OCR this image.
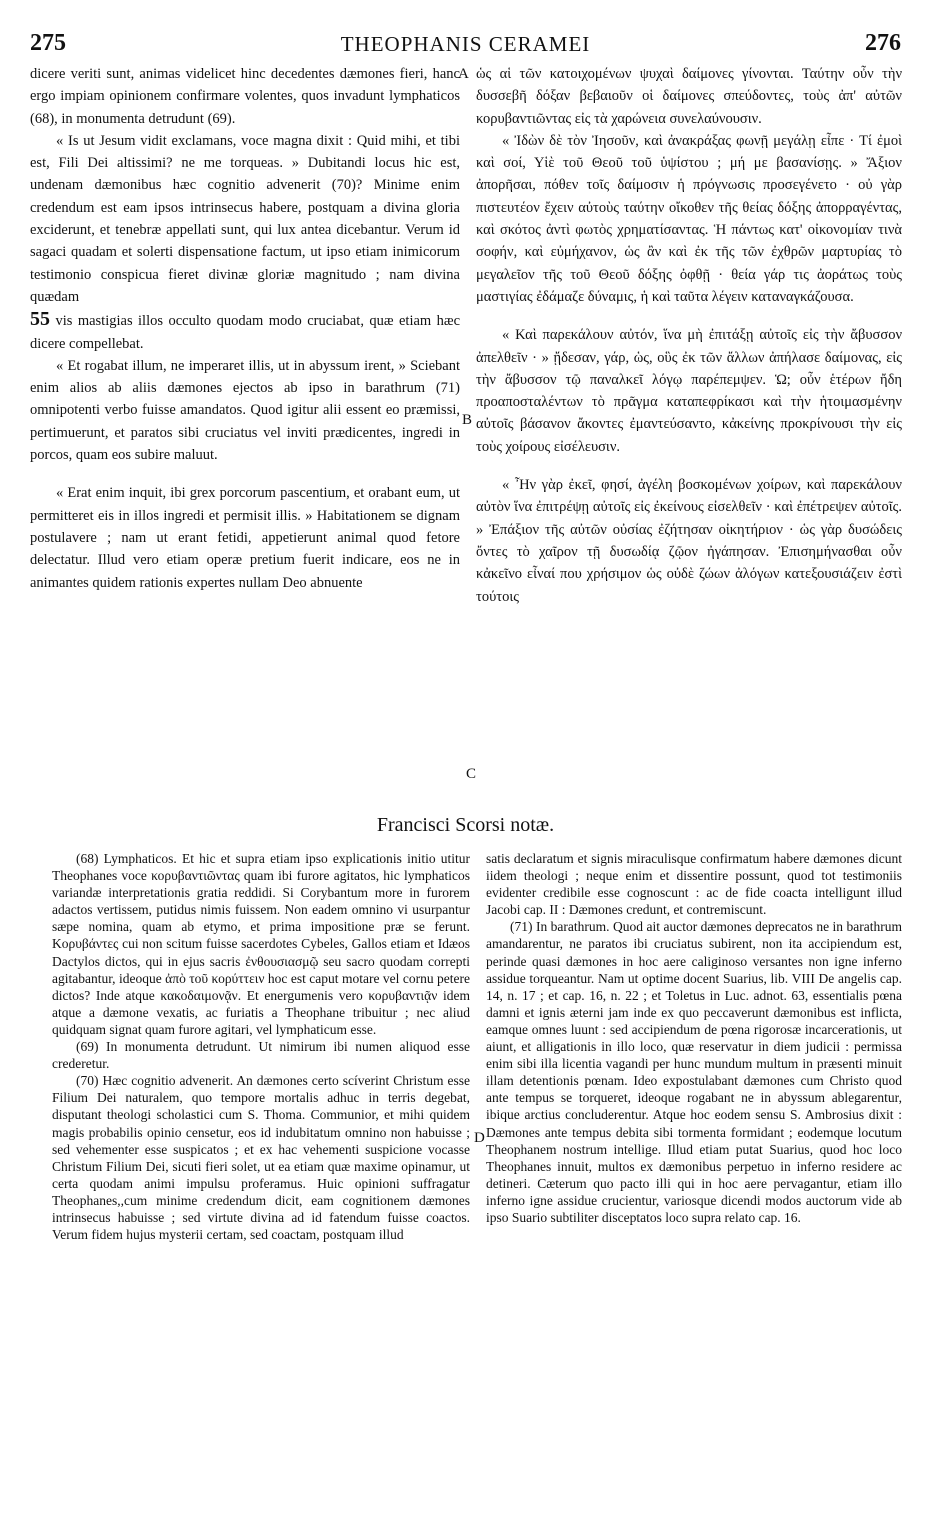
275	THEOPHANIS CERAMEI	276

dicere veriti sunt, animas videlicet hinc decedentes dæmones fieri, hanc ergo impiam opinionem confirmare volentes, quos invadunt lymphaticos (68), in monumenta detrudunt (69).

« Is ut Jesum vidit exclamans, voce magna dixit : Quid mihi, et tibi est, Fili Dei altissimi? ne me torqueas. » Dubitandi locus hic est, undenam dæmonibus hæc cognitio advenerit (70)? Minime enim credendum est eam ipsos intrinsecus habere, postquam a divina gloria exciderunt, et tenebræ appellati sunt, qui lux antea dicebantur. Verum id sagaci quadam et solerti dispensatione factum, ut ipso etiam inimicorum testimonio conspicua fieret divinæ gloriæ magnitudo ; nam divina quædam

55 vis mastigias illos occulto quodam modo cruciabat, quæ etiam hæc dicere compellebat.

« Et rogabat illum, ne imperaret illis, ut in abyssum irent, » Sciebant enim alios ab aliis dæmones ejectos ab ipso in barathrum (71) omnipotenti verbo fuisse amandatos. Quod igitur alii essent eo præmissi, pertimuerunt, et paratos sibi cruciatus vel inviti prædicentes, ingredi in porcos, quam eos subire maluut.

« Erat enim inquit, ibi grex porcorum pascentium, et orabant eum, ut permitteret eis in illos ingredi et permisit illis. » Habitationem se dignam postulavere ; nam ut erant fetidi, appetierunt animal quod fetore delectatur. Illud vero etiam operæ pretium fuerit indicare, eos ne in animantes quidem rationis expertes nullam Deo abnuente

ὡς αἱ τῶν κατοιχομένων ψυχαὶ δαίμονες γίνονται. Ταύτην οὖν τὴν δυσσεβῆ δόξαν βεβαιοῦν οἱ δαίμονες σπεύδοντες, τοὺς ἀπ' αὐτῶν κορυβαντιῶντας εἰς τὰ χαρώνεια συνελαύνουσιν.

« Ἰδὼν δὲ τὸν Ἰησοῦν, καὶ ἀνακράξας φωνῇ μεγάλῃ εἶπε · Τί ἐμοὶ καὶ σοί, Υἱὲ τοῦ Θεοῦ τοῦ ὑψίστου ; μή με βασανίσῃς. » Ἄξιον ἀπορῆσαι, πόθεν τοῖς δαίμοσιν ἡ πρόγνωσις προσεγένετο · οὐ γὰρ πιστευτέον ἔχειν αὐτοὺς ταύτην οἴκοθεν τῆς θείας δόξης ἀπορραγέντας, καὶ σκότος ἀντὶ φωτὸς χρηματίσαντας. Ἡ πάντως κατ' οἰκονομίαν τινὰ σοφήν, καὶ εὐμήχανον, ὡς ἂν καὶ ἐκ τῆς τῶν ἐχθρῶν μαρτυρίας τὸ μεγαλεῖον τῆς τοῦ Θεοῦ δόξης ὀφθῇ · θεία γάρ τις ἀοράτως τοὺς μαστιγίας ἐδάμαζε δύναμις, ἡ καὶ ταῦτα λέγειν καταναγκάζουσα.

« Καὶ παρεκάλουν αὐτόν, ἵνα μὴ ἐπιτάξῃ αὐτοῖς εἰς τὴν ἄβυσσον ἀπελθεῖν · » ᾔδεσαν, γάρ, ὡς, οὓς ἐκ τῶν ἄλλων ἀπήλασε δαίμονας, εἰς τὴν ἄβυσσον τῷ παναλκεῖ λόγῳ παρέπεμψεν. Ὡ; οὖν ἑτέρων ἤδη προαποσταλέντων τὸ πρᾶγμα καταπεφρίκασι καὶ τὴν ἡτοιμασμένην αὐτοῖς βάσανον ἄκοντες ἐμαντεύσαντο, κἀκείνης προκρίνουσι τὴν εἰς τοὺς χοίρους εἰσέλευσιν.

« Ἦν γὰρ ἐκεῖ, φησί, ἀγέλη βοσκομένων χοίρων, καὶ παρεκάλουν αὐτὸν ἵνα ἐπιτρέψῃ αὐτοῖς εἰς ἐκείνους εἰσελθεῖν · καὶ ἐπέτρεψεν αὐτοῖς. » Ἐπάξιον τῆς αὐτῶν οὐσίας ἐζήτησαν οἰκητήριον · ὡς γὰρ δυσώδεις ὄντες τὸ χαῖρον τῇ δυσωδίᾳ ζῷον ἠγάπησαν. Ἐπισημήνασθαι οὖν κἀκεῖνο εἶναί που χρήσιμον ὡς οὐδὲ ζώων ἀλόγων κατεξουσιάζειν ἐστὶ τούτοις

A
B
C
D
Francisci Scorsi notæ.

(68) Lymphaticos. Et hic et supra etiam ipso explicationis initio utitur Theophanes voce κορυβαντιῶντας quam ibi furore agitatos, hic lymphaticos variandæ interpretationis gratia reddidi. Si Corybantum more in furorem adactos vertissem, putidus nimis fuissem. Non eadem omnino vi usurpantur sæpe nomina, quam ab etymo, et prima impositione præ se ferunt. Κορυβάντες cui non scitum fuisse sacerdotes Cybeles, Gallos etiam et Idæos Dactylos dictos, qui in ejus sacris ἐνθουσιασμῷ seu sacro quodam correpti agitabantur, ideoque ἀπὸ τοῦ κορύττειν hoc est caput motare vel cornu petere dictos? Inde atque κακοδαιμονᾷν. Et energumenis vero κορυβαντιᾷν idem atque a dæmone vexatis, ac furiatis a Theophane tribuitur ; nec aliud quidquam signat quam furore agitari, vel lymphaticum esse.

(69) In monumenta detrudunt. Ut nimirum ibi numen aliquod esse crederetur.

(70) Hæc cognitio advenerit. An dæmones certo scíverint Christum esse Filium Dei naturalem, quo tempore mortalis adhuc in terris degebat, disputant theologi scholastici cum S. Thoma. Communior, et mihi quidem magis probabilis opinio censetur, eos id indubitatum omnino non habuisse ; sed vehementer esse suspicatos ; et ex hac vehementi suspicione vocasse Christum Filium Dei, sicuti fieri solet, ut ea etiam quæ maxime opinamur, ut certa quodam animi impulsu proferamus. Huic opinioni suffragatur Theophanes,,cum minime credendum dicit, eam cognitionem dæmones intrinsecus habuisse ; sed virtute divina ad id fatendum fuisse coactos. Verum fidem hujus mysterii certam, sed coactam, postquam illud

satis declaratum et signis miraculisque confirmatum habere dæmones dicunt iidem theologi ; neque enim et dissentire possunt, quod tot testimoniis evidenter credibile esse cognoscunt : ac de fide coacta intelligunt illud Jacobi cap. II : Dæmones credunt, et contremiscunt.

(71) In barathrum. Quod ait auctor dæmones deprecatos ne in barathrum amandarentur, ne paratos ibi cruciatus subirent, non ita accipiendum est, perinde quasi dæmones in hoc aere caliginoso versantes non igne inferno assidue torqueantur. Nam ut optime docent Suarius, lib. VIII De angelis cap. 14, n. 17 ; et cap. 16, n. 22 ; et Toletus in Luc. adnot. 63, essentialis pœna damni et ignis æterni jam inde ex quo peccaverunt dæmonibus est inflicta, eamque omnes luunt : sed accipiendum de pœna rigorosæ incarcerationis, ut aiunt, et alligationis in illo loco, quæ reservatur in diem judicii : permissa enim sibi illa licentia vagandi per hunc mundum multum in præsenti minuit illam detentionis pœnam. Ideo expostulabant dæmones cum Christo quod ante tempus se torqueret, ideoque rogabant ne in abyssum ablegarentur, ibique arctius concluderentur. Atque hoc eodem sensu S. Ambrosius dixit : Dæmones ante tempus debita sibi tormenta formidant ; eodemque locutum Theophanem nostrum intellige. Illud etiam putat Suarius, quod hoc loco Theophanes innuit, multos ex dæmonibus perpetuo in inferno residere ac detineri. Cæterum quo pacto illi qui in hoc aere pervagantur, etiam illo inferno igne assidue crucientur, variosque dicendi modos auctorum vide ab ipso Suario subtiliter disceptatos loco supra relato cap. 16.
